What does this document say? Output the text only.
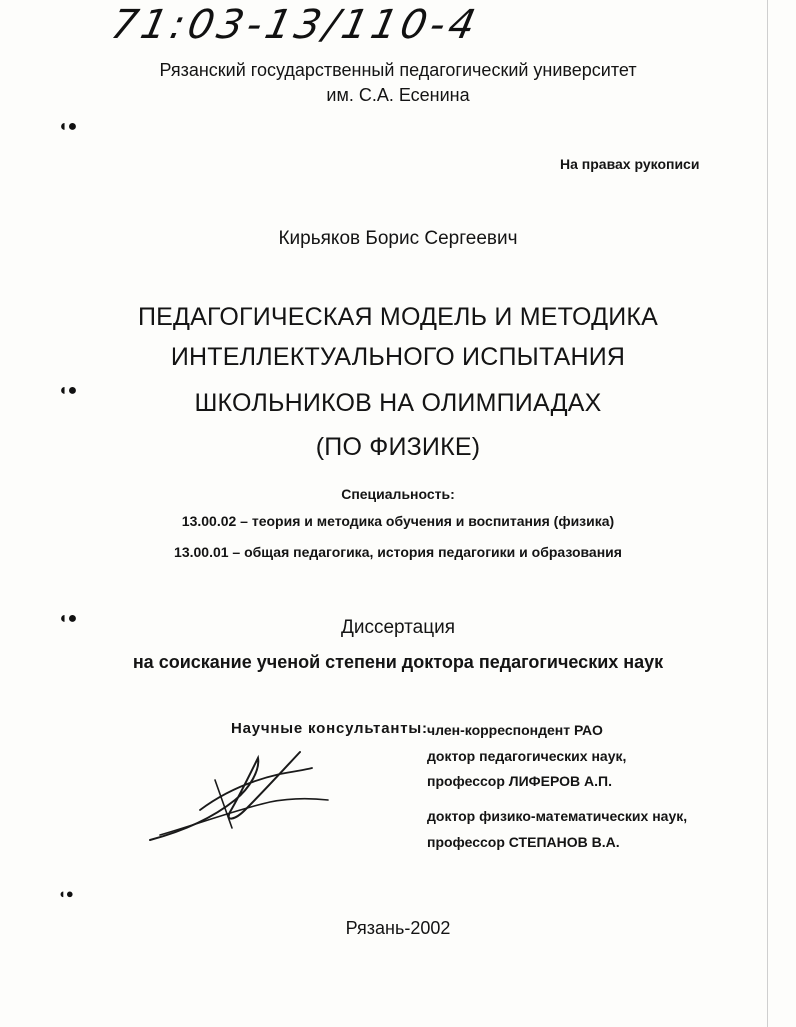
71:03-13/110-4
Рязанский государственный педагогический университет
им. С.А. Есенина
◖●
◖●
◖●
◖●
На правах рукописи
Кирьяков Борис Сергеевич
ПЕДАГОГИЧЕСКАЯ МОДЕЛЬ И МЕТОДИКА
ИНТЕЛЛЕКТУАЛЬНОГО ИСПЫТАНИЯ
ШКОЛЬНИКОВ НА ОЛИМПИАДАХ
(ПО ФИЗИКЕ)
Специальность:
13.00.02 – теория и методика обучения и воспитания (физика)
13.00.01 – общая педагогика, история педагогики и образования
Диссертация
на соискание ученой степени доктора педагогических наук
Научные консультанты: член-корреспондент РАО
доктор педагогических наук,
профессор ЛИФЕРОВ А.П.
доктор физико-математических наук,
профессор СТЕПАНОВ В.А.
Рязань-2002
